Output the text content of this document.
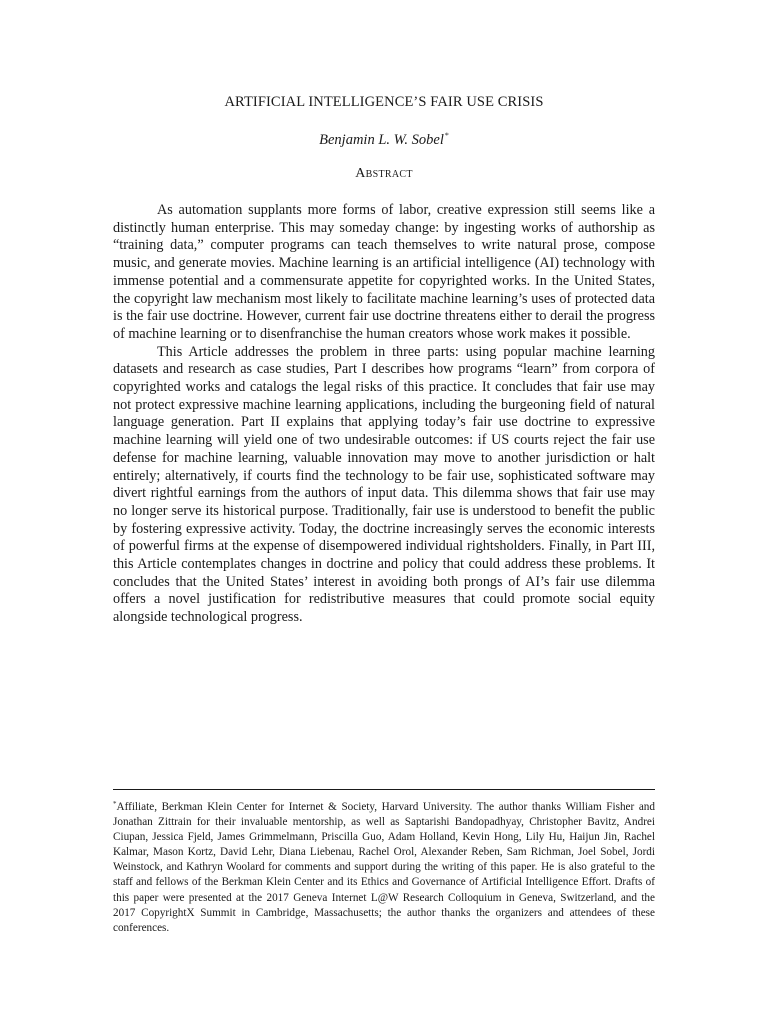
ARTIFICIAL INTELLIGENCE’S FAIR USE CRISIS
Benjamin L. W. Sobel*
Abstract

As automation supplants more forms of labor, creative expression still seems like a distinctly human enterprise. This may someday change: by ingesting works of authorship as “training data,” computer programs can teach themselves to write natural prose, compose music, and generate movies. Machine learning is an artificial intelligence (AI) technology with immense potential and a commensurate appetite for copyrighted works. In the United States, the copyright law mechanism most likely to facilitate machine learning’s uses of protected data is the fair use doctrine. However, current fair use doctrine threatens either to derail the progress of machine learning or to disenfranchise the human creators whose work makes it possible.

This Article addresses the problem in three parts: using popular machine learning datasets and research as case studies, Part I describes how programs “learn” from corpora of copyrighted works and catalogs the legal risks of this practice. It concludes that fair use may not protect expressive machine learning applications, including the burgeoning field of natural language generation. Part II explains that applying today’s fair use doctrine to expressive machine learning will yield one of two undesirable outcomes: if US courts reject the fair use defense for machine learning, valuable innovation may move to another jurisdiction or halt entirely; alternatively, if courts find the technology to be fair use, sophisticated software may divert rightful earnings from the authors of input data. This dilemma shows that fair use may no longer serve its historical purpose. Traditionally, fair use is understood to benefit the public by fostering expressive activity. Today, the doctrine increasingly serves the economic interests of powerful firms at the expense of disempowered individual rightsholders. Finally, in Part III, this Article contemplates changes in doctrine and policy that could address these problems. It concludes that the United States’ interest in avoiding both prongs of AI’s fair use dilemma offers a novel justification for redistributive measures that could promote social equity alongside technological progress.

*Affiliate, Berkman Klein Center for Internet & Society, Harvard University. The author thanks William Fisher and Jonathan Zittrain for their invaluable mentorship, as well as Saptarishi Bandopadhyay, Christopher Bavitz, Andrei Ciupan, Jessica Fjeld, James Grimmelmann, Priscilla Guo, Adam Holland, Kevin Hong, Lily Hu, Haijun Jin, Rachel Kalmar, Mason Kortz, David Lehr, Diana Liebenau, Rachel Orol, Alexander Reben, Sam Richman, Joel Sobel, Jordi Weinstock, and Kathryn Woolard for comments and support during the writing of this paper. He is also grateful to the staff and fellows of the Berkman Klein Center and its Ethics and Governance of Artificial Intelligence Effort. Drafts of this paper were presented at the 2017 Geneva Internet L@W Research Colloquium in Geneva, Switzerland, and the 2017 CopyrightX Summit in Cambridge, Massachusetts; the author thanks the organizers and attendees of these conferences.
